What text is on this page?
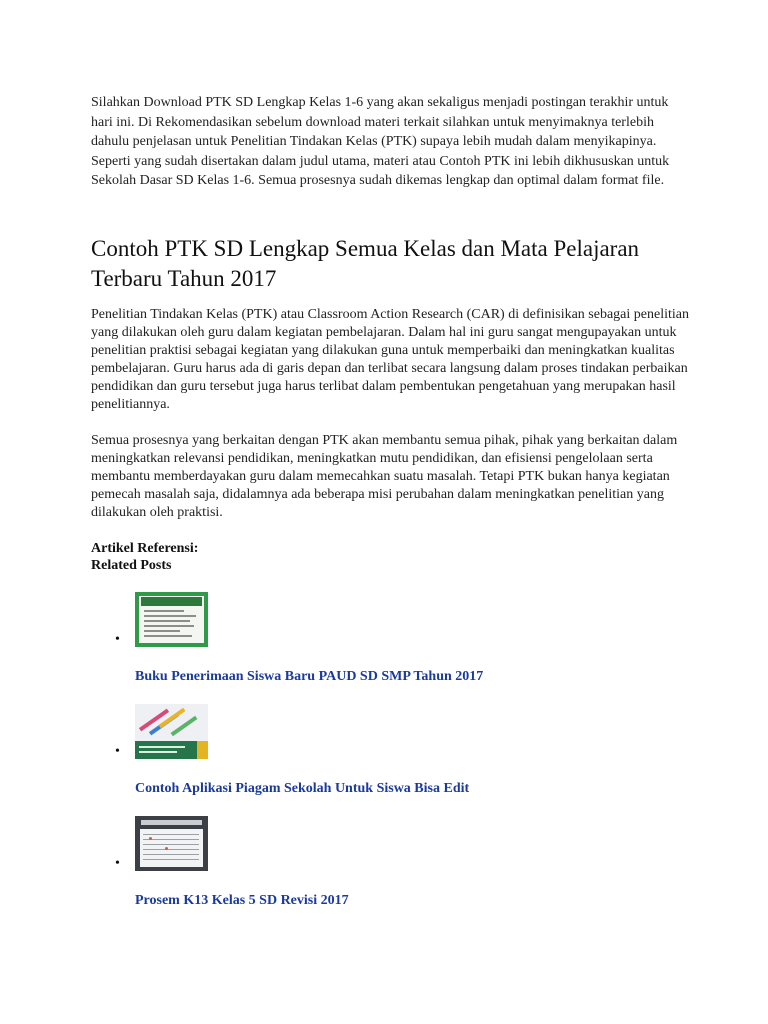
Silahkan Download PTK SD Lengkap Kelas 1-6 yang akan sekaligus menjadi postingan terakhir untuk hari ini. Di Rekomendasikan sebelum download materi terkait silahkan untuk menyimaknya terlebih dahulu penjelasan untuk Penelitian Tindakan Kelas (PTK) supaya lebih mudah dalam menyikapinya. Seperti yang sudah disertakan dalam judul utama, materi atau Contoh PTK ini lebih dikhususkan untuk Sekolah Dasar SD Kelas 1-6. Semua prosesnya sudah dikemas lengkap dan optimal dalam format file.

Contoh PTK SD Lengkap Semua Kelas dan Mata Pelajaran Terbaru Tahun 2017

Penelitian Tindakan Kelas (PTK) atau Classroom Action Research (CAR) di definisikan sebagai penelitian yang dilakukan oleh guru dalam kegiatan pembelajaran. Dalam hal ini guru sangat mengupayakan untuk penelitian praktisi sebagai kegiatan yang dilakukan guna untuk memperbaiki dan meningkatkan kualitas pembelajaran. Guru harus ada di garis depan dan terlibat secara langsung dalam proses tindakan perbaikan pendidikan dan guru tersebut juga harus terlibat dalam pembentukan pengetahuan yang merupakan hasil penelitiannya.

Semua prosesnya yang berkaitan dengan PTK akan membantu semua pihak, pihak yang berkaitan dalam meningkatkan relevansi pendidikan, meningkatkan mutu pendidikan, dan efisiensi pengelolaan serta membantu memberdayakan guru dalam memecahkan suatu masalah. Tetapi PTK bukan hanya kegiatan pemecah masalah saja, didalamnya ada beberapa misi perubahan dalam meningkatkan penelitian yang dilakukan oleh praktisi.

Artikel Referensi:

Related Posts

•
Buku Penerimaan Siswa Baru PAUD SD SMP Tahun 2017
•
Contoh Aplikasi Piagam Sekolah Untuk Siswa Bisa Edit
•
Prosem K13 Kelas 5 SD Revisi 2017
